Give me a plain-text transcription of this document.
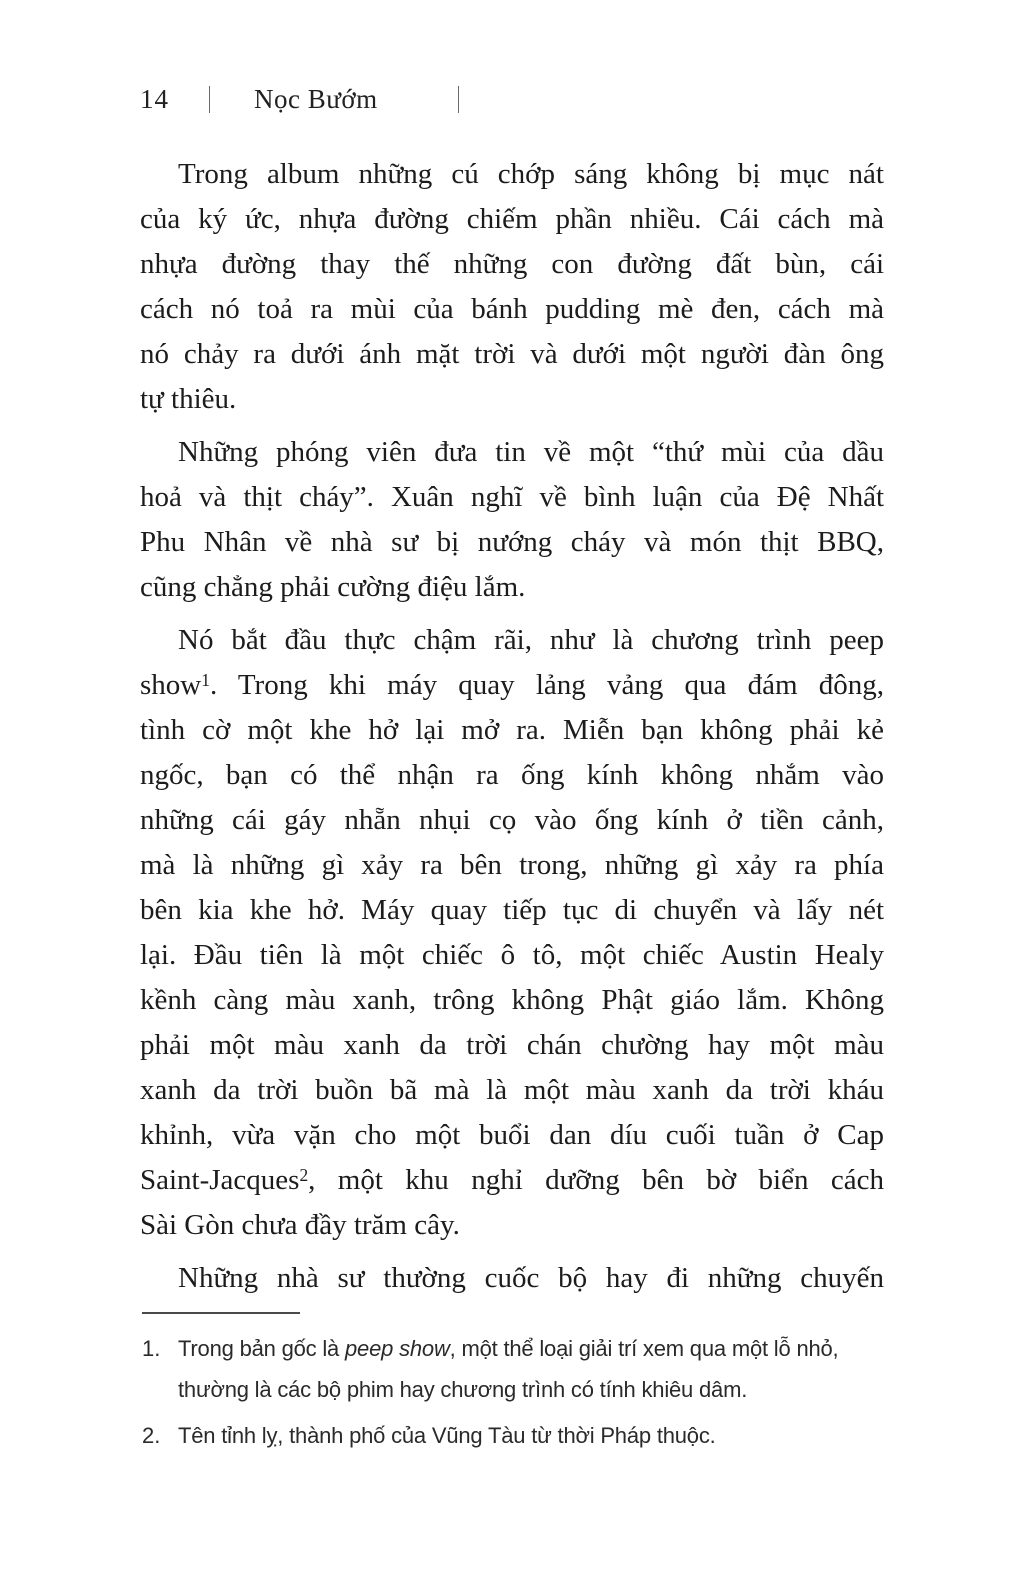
14	Nọc Bướm
Trong album những cú chớp sáng không bị mục nát
của ký ức, nhựa đường chiếm phần nhiều. Cái cách mà
nhựa đường thay thế những con đường đất bùn, cái
cách nó toả ra mùi của bánh pudding mè đen, cách mà
nó chảy ra dưới ánh mặt trời và dưới một người đàn ông
tự thiêu.
Những phóng viên đưa tin về một “thứ mùi của dầu
hoả và thịt cháy”. Xuân nghĩ về bình luận của Đệ Nhất
Phu Nhân về nhà sư bị nướng cháy và món thịt BBQ,
cũng chẳng phải cường điệu lắm.
Nó bắt đầu thực chậm rãi, như là chương trình peep
show$^1$. Trong khi máy quay lảng vảng qua đám đông,
tình cờ một khe hở lại mở ra. Miễn bạn không phải kẻ
ngốc, bạn có thể nhận ra ống kính không nhắm vào
những cái gáy nhẵn nhụi cọ vào ống kính ở tiền cảnh,
mà là những gì xảy ra bên trong, những gì xảy ra phía
bên kia khe hở. Máy quay tiếp tục di chuyển và lấy nét
lại. Đầu tiên là một chiếc ô tô, một chiếc Austin Healy
kềnh càng màu xanh, trông không Phật giáo lắm. Không
phải một màu xanh da trời chán chường hay một màu
xanh da trời buồn bã mà là một màu xanh da trời kháu
khỉnh, vừa vặn cho một buổi dan díu cuối tuần ở Cap
Saint-Jacques$^2$, một khu nghỉ dưỡng bên bờ biển cách
Sài Gòn chưa đầy trăm cây.
Những nhà sư thường cuốc bộ hay đi những chuyến
1. Trong bản gốc là peep show, một thể loại giải trí xem qua một lỗ nhỏ,
thường là các bộ phim hay chương trình có tính khiêu dâm.
2. Tên tỉnh lỵ, thành phố của Vũng Tàu từ thời Pháp thuộc.
